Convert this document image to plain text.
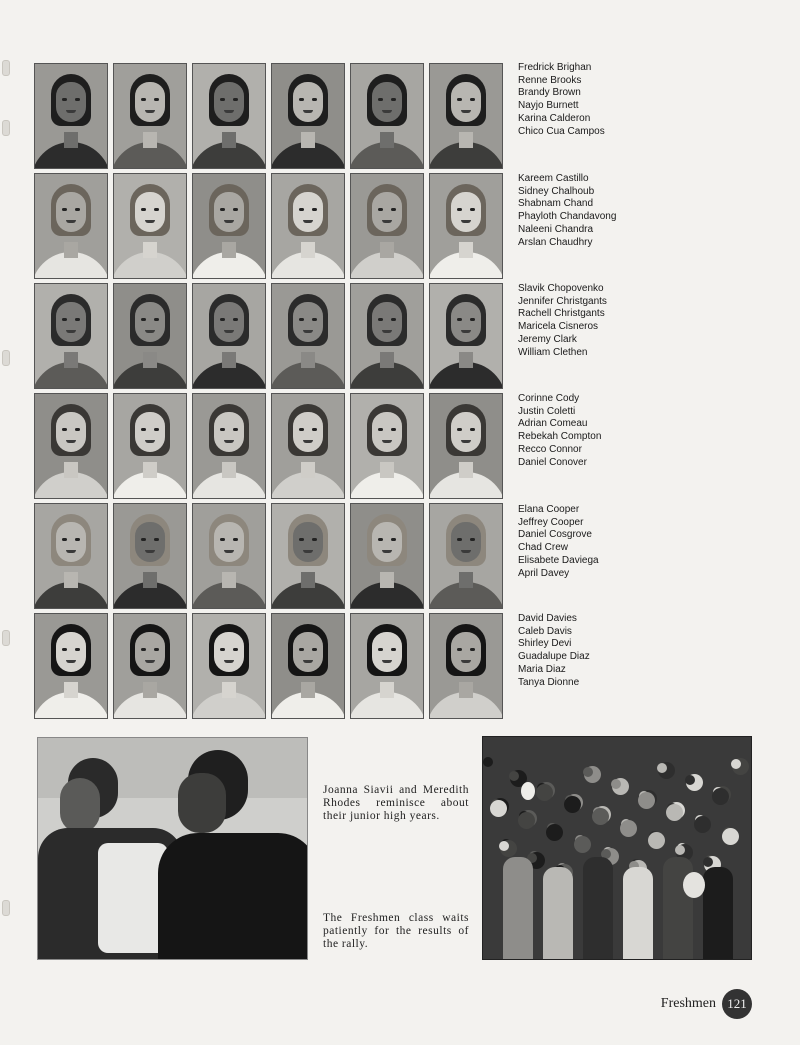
Fredrick Brighan
Renne Brooks
Brandy Brown
Nayjo Burnett
Karina Calderon
Chico Cua Campos
Kareem Castillo
Sidney Chalhoub
Shabnam Chand
Phayloth Chandavong
Naleeni Chandra
Arslan Chaudhry
Slavik Chopovenko
Jennifer Christgants
Rachell Christgants
Maricela Cisneros
Jeremy Clark
William Clethen
Corinne Cody
Justin Coletti
Adrian Comeau
Rebekah Compton
Recco Connor
Daniel Conover
Elana Cooper
Jeffrey Cooper
Daniel Cosgrove
Chad Crew
Elisabete Daviega
April Davey
David Davies
Caleb Davis
Shirley Devi
Guadalupe Diaz
Maria Diaz
Tanya Dionne
Joanna Siavii and Meredith Rhodes reminisce about their junior high years.
The Freshmen class waits patiently for the results of the rally.
Freshmen 121
